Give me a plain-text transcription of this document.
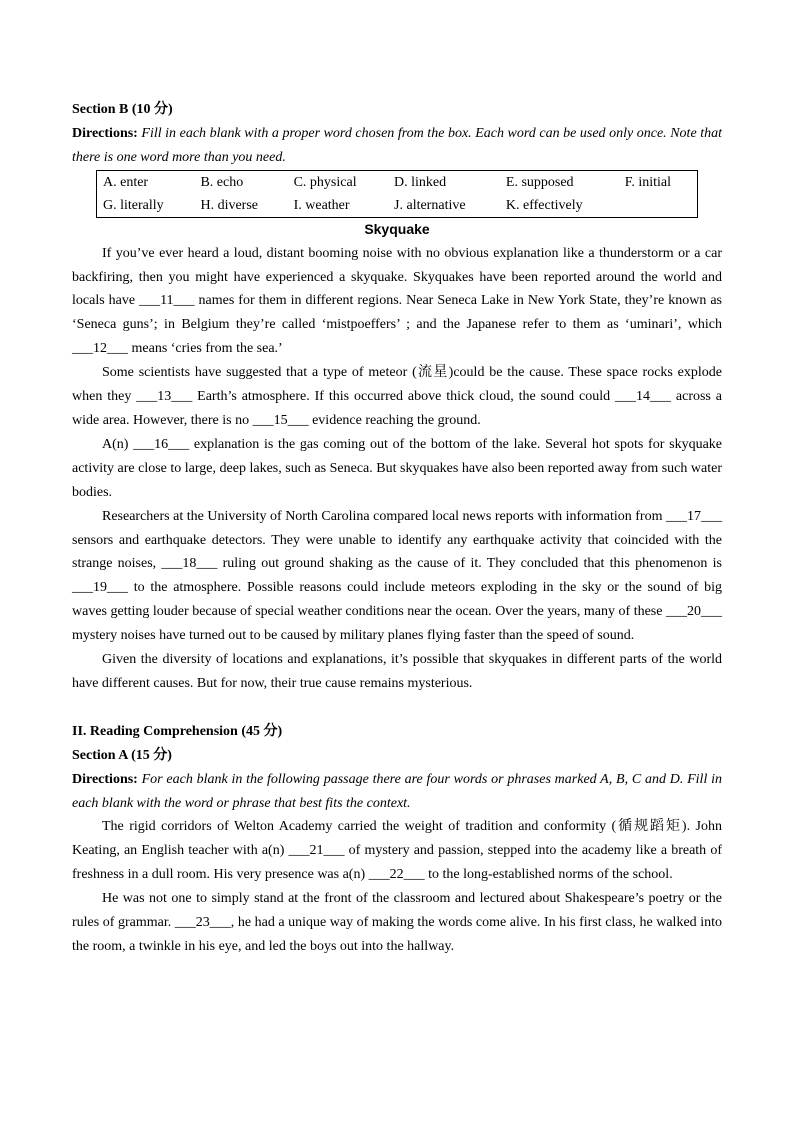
Section B (10 分)

Directions: Fill in each blank with a proper word chosen from the box. Each word can be used only once. Note that there is one word more than you need.

A. enter	B. echo	C. physical	D. linked	E. supposed	F. initial
G. literally	H. diverse	I. weather	J. alternative	K. effectively	
Skyquake

If you’ve ever heard a loud, distant booming noise with no obvious explanation like a thunderstorm or a car backfiring, then you might have experienced a skyquake. Skyquakes have been reported around the world and locals have ___11___ names for them in different regions. Near Seneca Lake in New York State, they’re known as ‘Seneca guns’; in Belgium they’re called ‘mistpoeffers’ ; and the Japanese refer to them as ‘uminari’, which ___12___ means ‘cries from the sea.’

Some scientists have suggested that a type of meteor (流星)could be the cause. These space rocks explode when they ___13___ Earth’s atmosphere. If this occurred above thick cloud, the sound could ___14___ across a wide area. However, there is no ___15___ evidence reaching the ground.

A(n) ___16___ explanation is the gas coming out of the bottom of the lake. Several hot spots for skyquake activity are close to large, deep lakes, such as Seneca. But skyquakes have also been reported away from such water bodies.

Researchers at the University of North Carolina compared local news reports with information from ___17___ sensors and earthquake detectors. They were unable to identify any earthquake activity that coincided with the strange noises, ___18___ ruling out ground shaking as the cause of it. They concluded that this phenomenon is ___19___ to the atmosphere. Possible reasons could include meteors exploding in the sky or the sound of big waves getting louder because of special weather conditions near the ocean. Over the years, many of these ___20___ mystery noises have turned out to be caused by military planes flying faster than the speed of sound.

Given the diversity of locations and explanations, it’s possible that skyquakes in different parts of the world have different causes. But for now, their true cause remains mysterious.

II. Reading Comprehension (45 分)
Section A (15 分)

Directions: For each blank in the following passage there are four words or phrases marked A, B, C and D. Fill in each blank with the word or phrase that best fits the context.

The rigid corridors of Welton Academy carried the weight of tradition and conformity (循规蹈矩). John Keating, an English teacher with a(n) ___21___ of mystery and passion, stepped into the academy like a breath of freshness in a dull room. His very presence was a(n) ___22___ to the long-established norms of the school.

He was not one to simply stand at the front of the classroom and lectured about Shakespeare’s poetry or the rules of grammar. ___23___, he had a unique way of making the words come alive. In his first class, he walked into the room, a twinkle in his eye, and led the boys out into the hallway.
